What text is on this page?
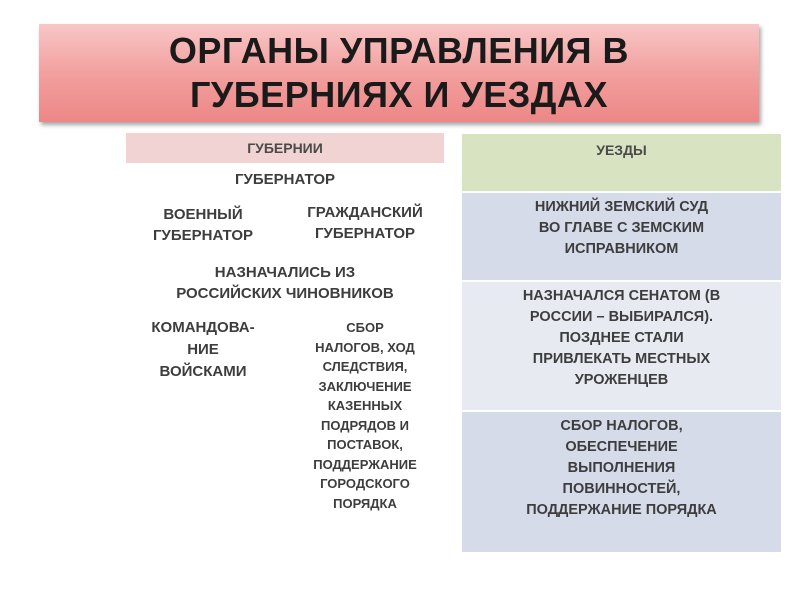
ОРГАНЫ УПРАВЛЕНИЯ В
ГУБЕРНИЯХ И УЕЗДАХ
ГУБЕРНИИ
ГУБЕРНАТОР
ВОЕННЫЙ
ГУБЕРНАТОР
ГРАЖДАНСКИЙ
ГУБЕРНАТОР
НАЗНАЧАЛИСЬ ИЗ
РОССИЙСКИХ ЧИНОВНИКОВ
КОМАНДОВА-
НИЕ
ВОЙСКАМИ
СБОР
НАЛОГОВ, ХОД
СЛЕДСТВИЯ,
ЗАКЛЮЧЕНИЕ
КАЗЕННЫХ
ПОДРЯДОВ И
ПОСТАВОК,
ПОДДЕРЖАНИЕ
ГОРОДСКОГО
ПОРЯДКА
УЕЗДЫ
НИЖНИЙ ЗЕМСКИЙ СУД
ВО ГЛАВЕ С ЗЕМСКИМ
ИСПРАВНИКОМ
НАЗНАЧАЛСЯ СЕНАТОМ (В
РОССИИ – ВЫБИРАЛСЯ).
ПОЗДНЕЕ СТАЛИ
ПРИВЛЕКАТЬ МЕСТНЫХ
УРОЖЕНЦЕВ
СБОР НАЛОГОВ,
ОБЕСПЕЧЕНИЕ
ВЫПОЛНЕНИЯ
ПОВИННОСТЕЙ,
ПОДДЕРЖАНИЕ ПОРЯДКА
